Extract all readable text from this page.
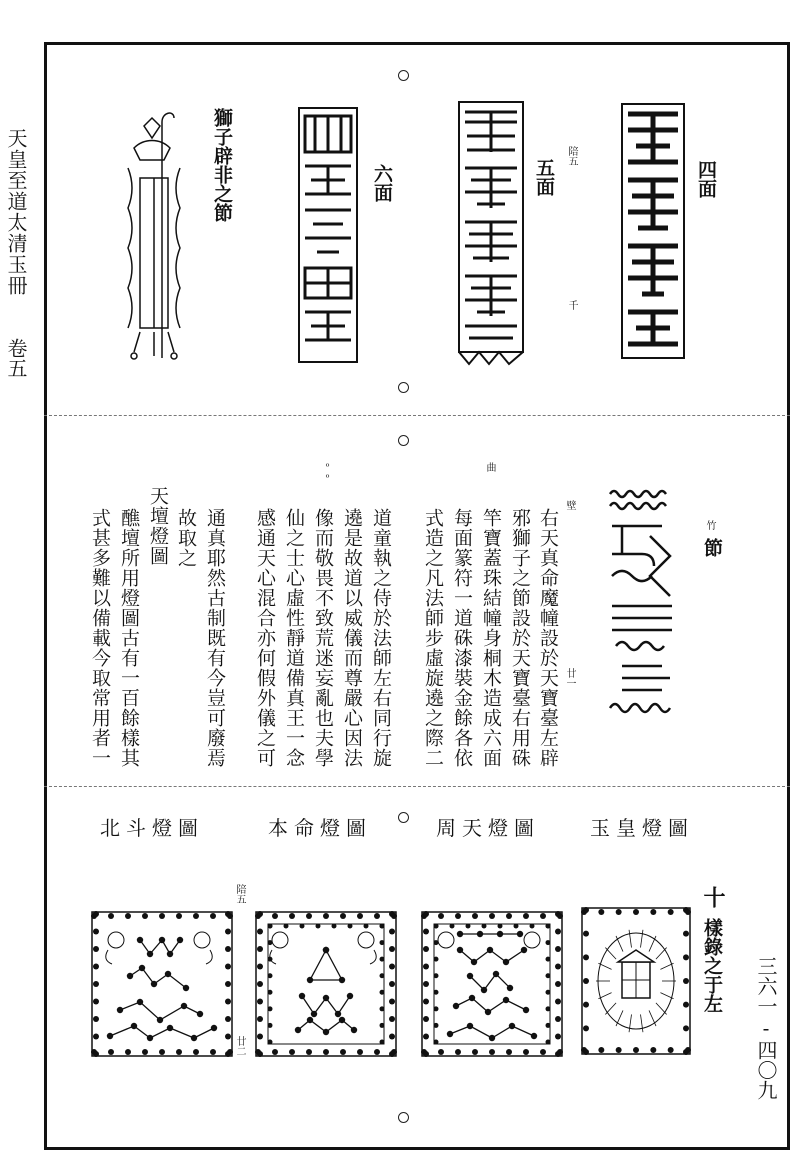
天皇至道太清玉冊

卷五
三六一-四〇九
四面
五面
陪五
千
六面
獅子辟非之節
節
竹
壁
廿一
曲
ᵒᵒ
右天真命魔幢設於天寶臺左辟
邪獅子之節設於天寶臺右用硃
竿寶蓋珠結幢身桐木造成六面
每面篆符一道硃漆裝金餘各依
式造之凡法師步虛旋遶之際二
道童執之侍於法師左右同行旋
遶是故道以威儀而尊嚴心因法
像而敬畏不致荒迷妄亂也夫學
仙之士心虛性靜道備真王一念
感通天心混合亦何假外儀之可
通真耶然古制既有今豈可廢焉
故取之
天壇燈圖
醮壇所用燈圖古有一百餘樣其
式甚多難以備載今取常用者一
北斗燈圖	本命燈圖	周天燈圖	玉皇燈圖
十
樣錄之于左
陪五
廿二
